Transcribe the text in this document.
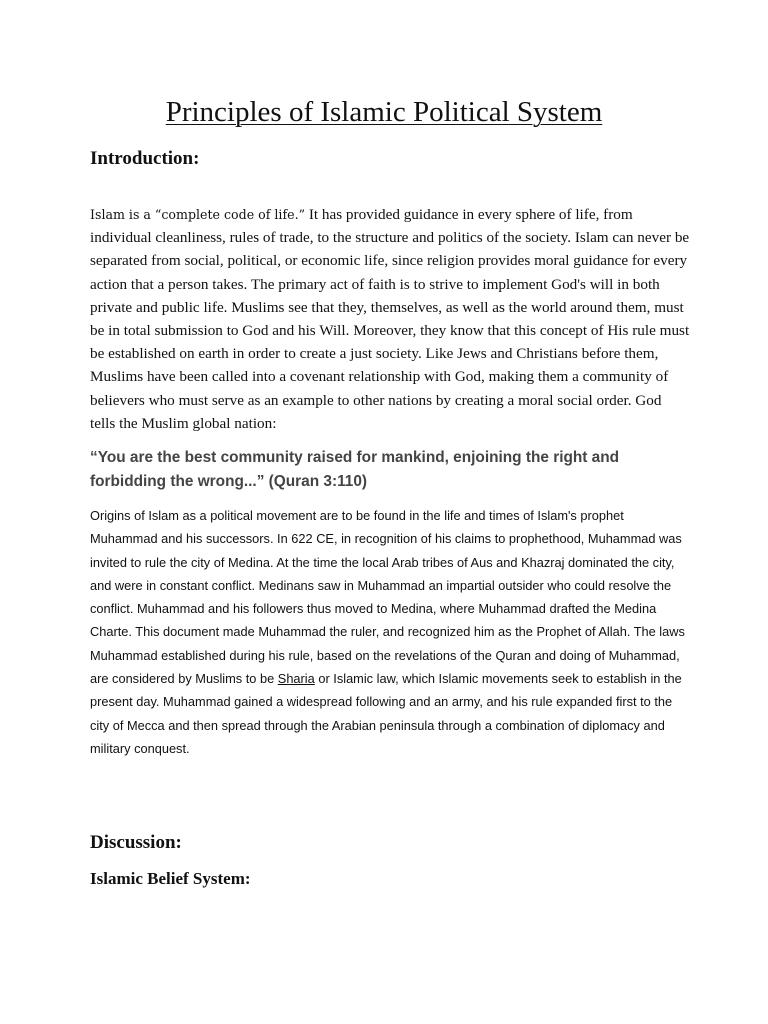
Principles of Islamic Political System
Introduction:

Islam is a “complete code of life.” It has provided guidance in every sphere of life, from individual cleanliness, rules of trade, to the structure and politics of the society. Islam can never be separated from social, political, or economic life, since religion provides moral guidance for every action that a person takes. The primary act of faith is to strive to implement God's will in both private and public life. Muslims see that they, themselves, as well as the world around them, must be in total submission to God and his Will. Moreover, they know that this concept of His rule must be established on earth in order to create a just society. Like Jews and Christians before them, Muslims have been called into a covenant relationship with God, making them a community of believers who must serve as an example to other nations by creating a moral social order. God tells the Muslim global nation:

“You are the best community raised for mankind, enjoining the right and forbidding the wrong...” (Quran 3:110)

Origins of Islam as a political movement are to be found in the life and times of Islam's prophet Muhammad and his successors. In 622 CE, in recognition of his claims to prophethood, Muhammad was invited to rule the city of Medina. At the time the local Arab tribes of Aus and Khazraj dominated the city, and were in constant conflict. Medinans saw in Muhammad an impartial outsider who could resolve the conflict. Muhammad and his followers thus moved to Medina, where Muhammad drafted the Medina Charte. This document made Muhammad the ruler, and recognized him as the Prophet of Allah. The laws Muhammad established during his rule, based on the revelations of the Quran and doing of Muhammad, are considered by Muslims to be Sharia or Islamic law, which Islamic movements seek to establish in the present day. Muhammad gained a widespread following and an army, and his rule expanded first to the city of Mecca and then spread through the Arabian peninsula through a combination of diplomacy and military conquest.

Discussion:
Islamic Belief System:
